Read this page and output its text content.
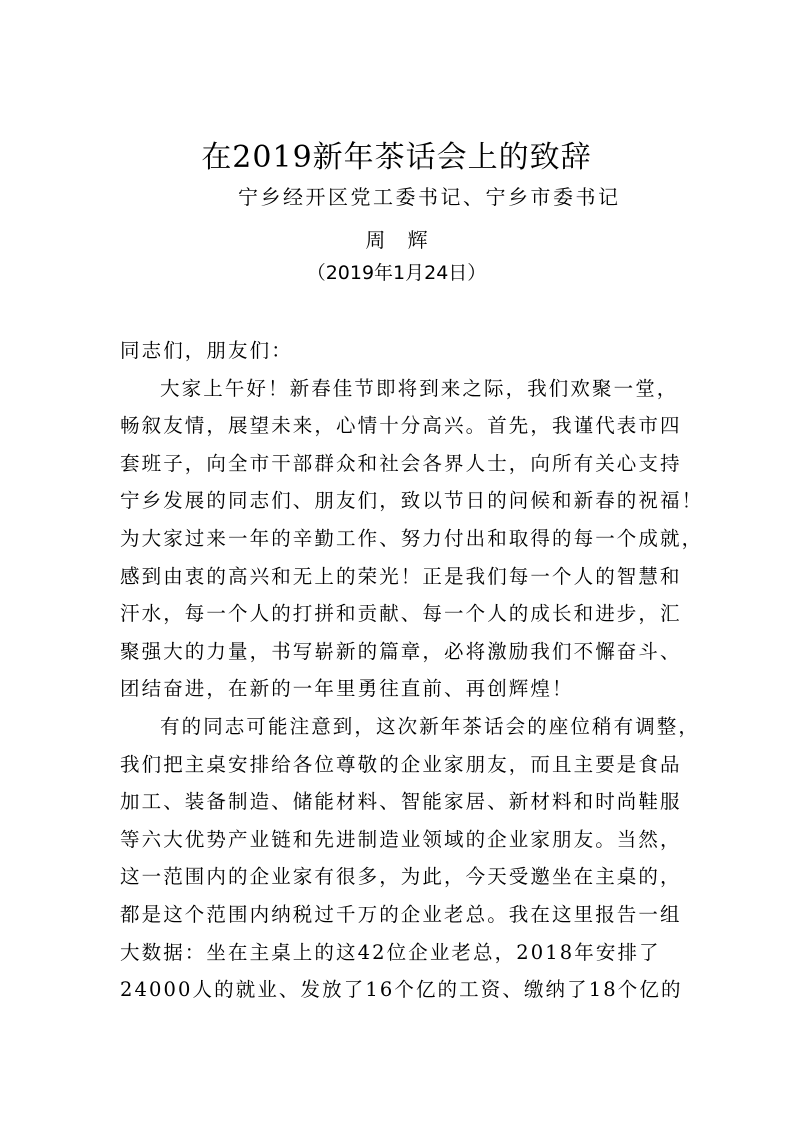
在2019新年茶话会上的致辞
宁乡经开区党工委书记、宁乡市委书记
周 辉
（2019年1月24日）
同志们，朋友们：
大家上午好！新春佳节即将到来之际，我们欢聚一堂，
畅叙友情，展望未来，心情十分高兴。首先，我谨代表市四
套班子，向全市干部群众和社会各界人士，向所有关心支持
宁乡发展的同志们、朋友们，致以节日的问候和新春的祝福！
为大家过来一年的辛勤工作、努力付出和取得的每一个成就，
感到由衷的高兴和无上的荣光！正是我们每一个人的智慧和
汗水，每一个人的打拼和贡献、每一个人的成长和进步，汇
聚强大的力量，书写崭新的篇章，必将激励我们不懈奋斗、
团结奋进，在新的一年里勇往直前、再创辉煌！
有的同志可能注意到，这次新年茶话会的座位稍有调整，
我们把主桌安排给各位尊敬的企业家朋友，而且主要是食品
加工、装备制造、储能材料、智能家居、新材料和时尚鞋服
等六大优势产业链和先进制造业领域的企业家朋友。当然，
这一范围内的企业家有很多，为此，今天受邀坐在主桌的，
都是这个范围内纳税过千万的企业老总。我在这里报告一组
大数据：坐在主桌上的这42位企业老总，2018年安排了
24000人的就业、发放了16个亿的工资、缴纳了18个亿的
